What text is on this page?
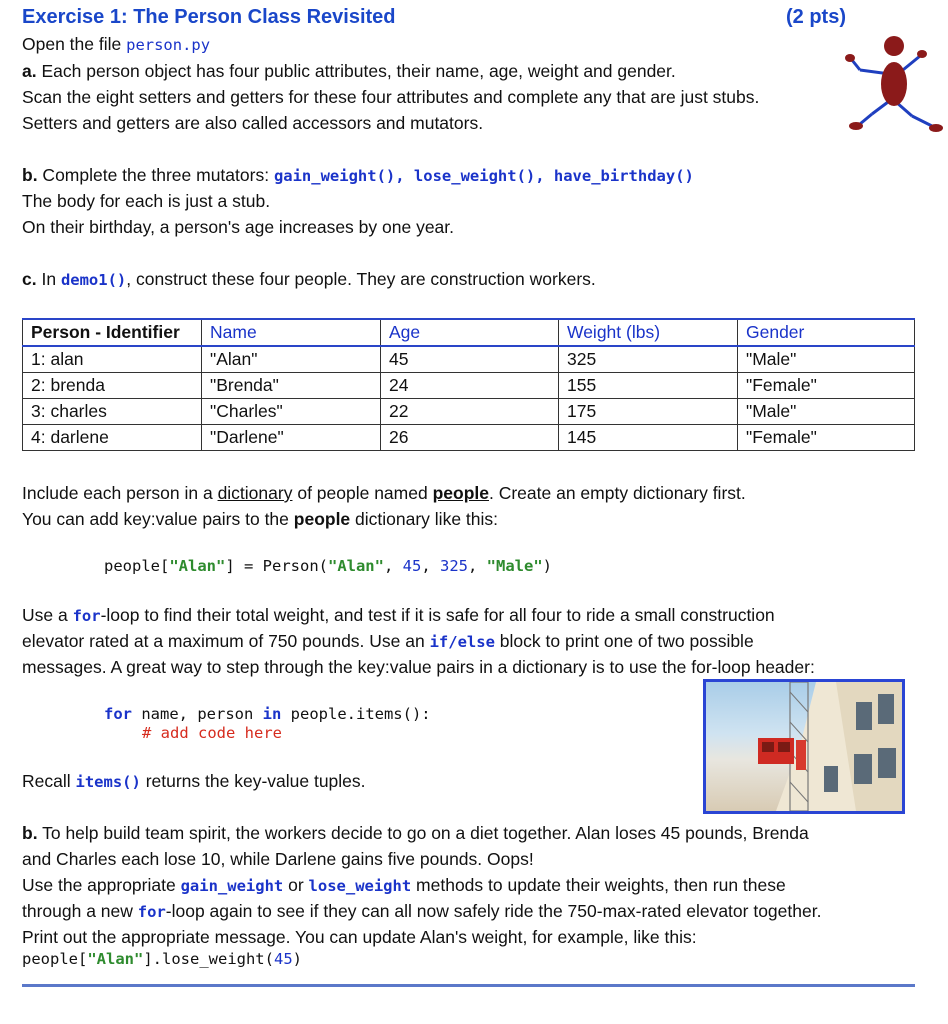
Exercise 1: The Person Class Revisited	(2 pts)
Open the file person.py
a. Each person object has four public attributes, their name, age, weight and gender.
Scan the eight setters and getters for these four attributes and complete any that are just stubs.
Setters and getters are also called accessors and mutators.
b. Complete the three mutators: gain_weight(), lose_weight(), have_birthday()
The body for each is just a stub.
On their birthday, a person's age increases by one year.
c. In demo1(), construct these four people. They are construction workers.
Person - Identifier	Name	Age	Weight (lbs)	Gender
1: alan	"Alan"	45	325	"Male"
2: brenda	"Brenda"	24	155	"Female"
3: charles	"Charles"	22	175	"Male"
4: darlene	"Darlene"	26	145	"Female"
Include each person in a dictionary of people named people. Create an empty dictionary first.
You can add key:value pairs to the people dictionary like this:
people["Alan"] = Person("Alan", 45, 325, "Male")
Use a for-loop to find their total weight, and test if it is safe for all four to ride a small construction
elevator rated at a maximum of 750 pounds. Use an if/else block to print one of two possible
messages. A great way to step through the key:value pairs in a dictionary is to use the for-loop header:
for name, person in people.items():
# add code here
Recall items() returns the key-value tuples.
b. To help build team spirit, the workers decide to go on a diet together. Alan loses 45 pounds, Brenda
and Charles each lose 10, while Darlene gains five pounds. Oops!
Use the appropriate gain_weight or lose_weight methods to update their weights, then run these
through a new for-loop again to see if they can all now safely ride the 750-max-rated elevator together.
Print out the appropriate message. You can update Alan's weight, for example, like this:
people["Alan"].lose_weight(45)
